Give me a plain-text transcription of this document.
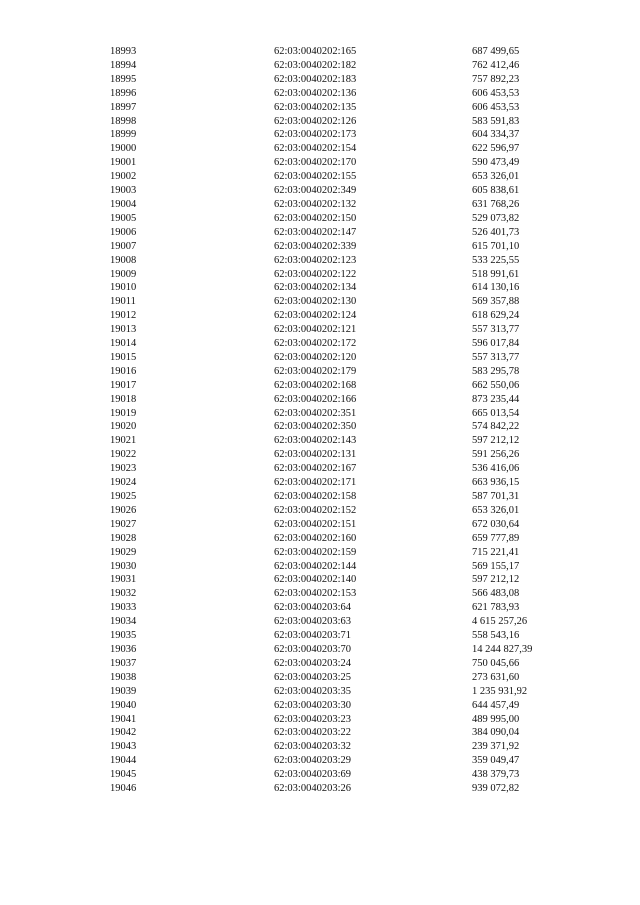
18993	62:03:0040202:165	687 499,65
18994	62:03:0040202:182	762 412,46
18995	62:03:0040202:183	757 892,23
18996	62:03:0040202:136	606 453,53
18997	62:03:0040202:135	606 453,53
18998	62:03:0040202:126	583 591,83
18999	62:03:0040202:173	604 334,37
19000	62:03:0040202:154	622 596,97
19001	62:03:0040202:170	590 473,49
19002	62:03:0040202:155	653 326,01
19003	62:03:0040202:349	605 838,61
19004	62:03:0040202:132	631 768,26
19005	62:03:0040202:150	529 073,82
19006	62:03:0040202:147	526 401,73
19007	62:03:0040202:339	615 701,10
19008	62:03:0040202:123	533 225,55
19009	62:03:0040202:122	518 991,61
19010	62:03:0040202:134	614 130,16
19011	62:03:0040202:130	569 357,88
19012	62:03:0040202:124	618 629,24
19013	62:03:0040202:121	557 313,77
19014	62:03:0040202:172	596 017,84
19015	62:03:0040202:120	557 313,77
19016	62:03:0040202:179	583 295,78
19017	62:03:0040202:168	662 550,06
19018	62:03:0040202:166	873 235,44
19019	62:03:0040202:351	665 013,54
19020	62:03:0040202:350	574 842,22
19021	62:03:0040202:143	597 212,12
19022	62:03:0040202:131	591 256,26
19023	62:03:0040202:167	536 416,06
19024	62:03:0040202:171	663 936,15
19025	62:03:0040202:158	587 701,31
19026	62:03:0040202:152	653 326,01
19027	62:03:0040202:151	672 030,64
19028	62:03:0040202:160	659 777,89
19029	62:03:0040202:159	715 221,41
19030	62:03:0040202:144	569 155,17
19031	62:03:0040202:140	597 212,12
19032	62:03:0040202:153	566 483,08
19033	62:03:0040203:64	621 783,93
19034	62:03:0040203:63	4 615 257,26
19035	62:03:0040203:71	558 543,16
19036	62:03:0040203:70	14 244 827,39
19037	62:03:0040203:24	750 045,66
19038	62:03:0040203:25	273 631,60
19039	62:03:0040203:35	1 235 931,92
19040	62:03:0040203:30	644 457,49
19041	62:03:0040203:23	489 995,00
19042	62:03:0040203:22	384 090,04
19043	62:03:0040203:32	239 371,92
19044	62:03:0040203:29	359 049,47
19045	62:03:0040203:69	438 379,73
19046	62:03:0040203:26	939 072,82
